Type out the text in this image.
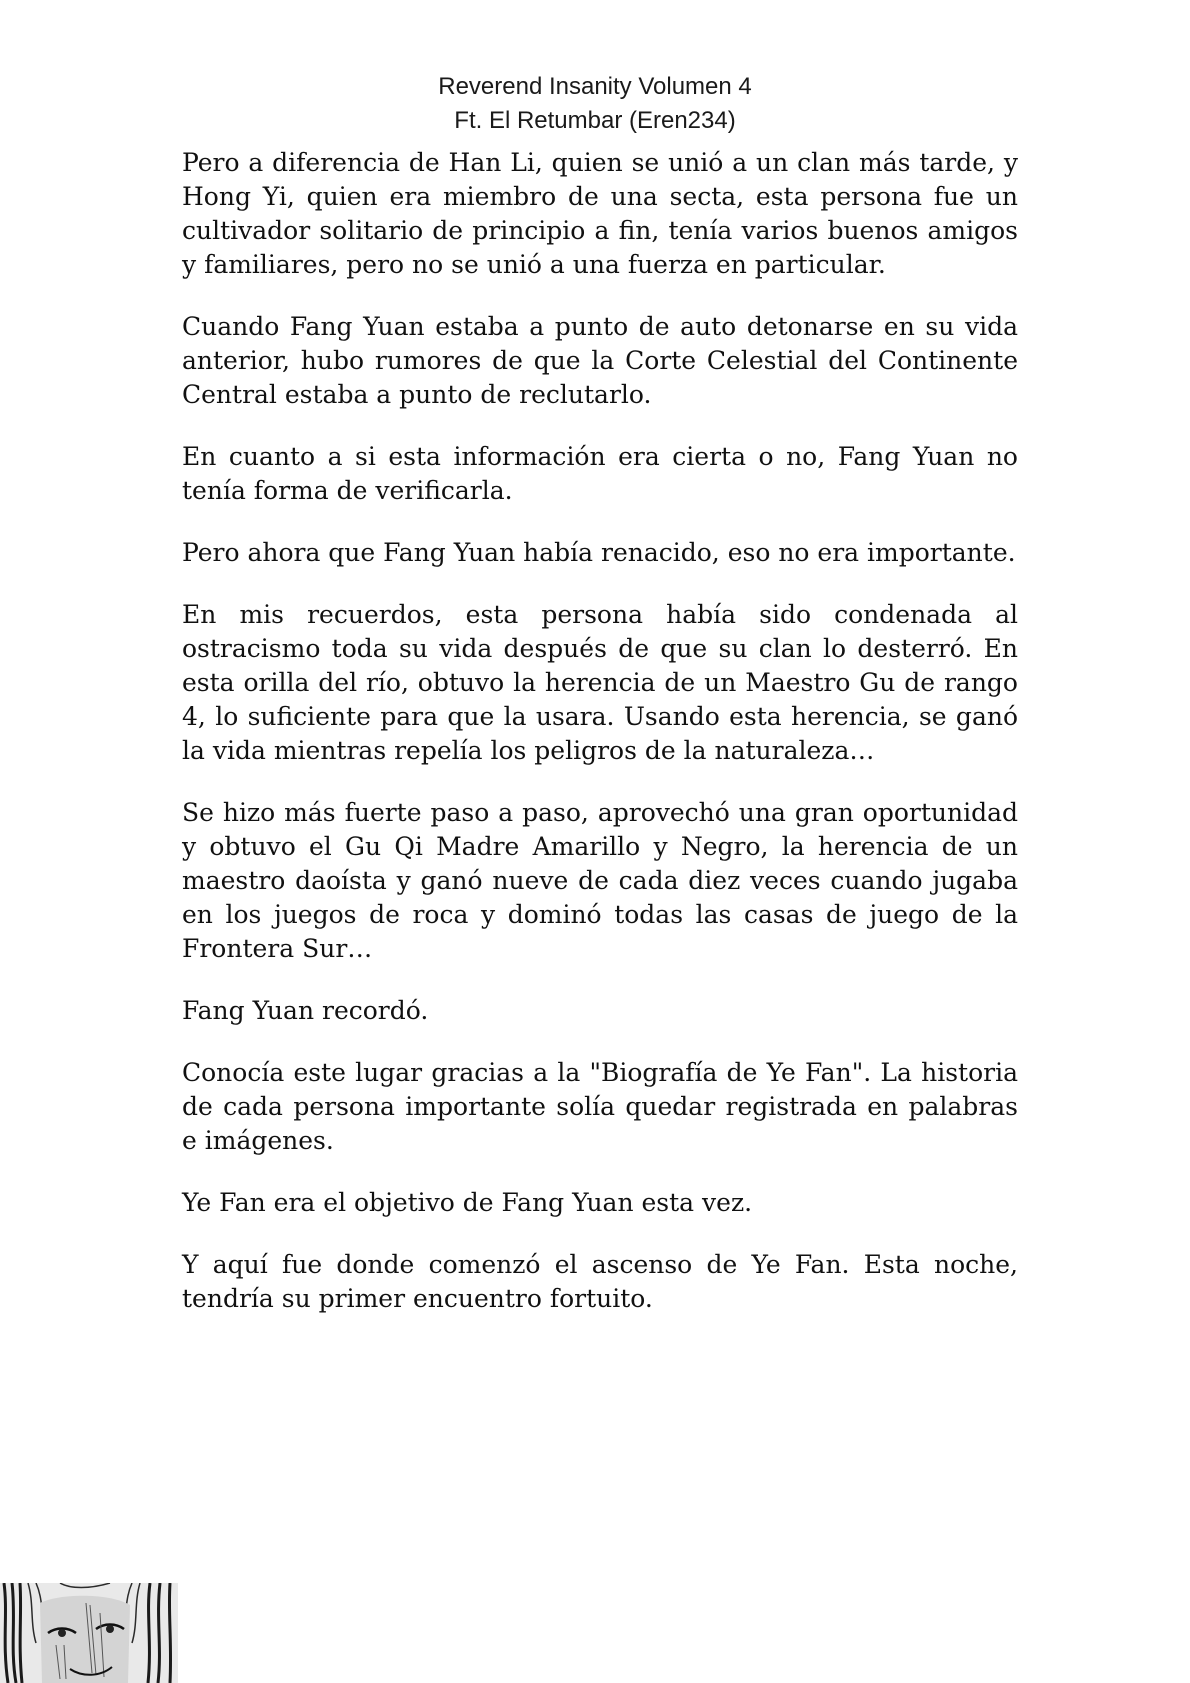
Reverend Insanity Volumen 4
Ft. El Retumbar (Eren234)

Pero a diferencia de Han Li, quien se unió a un clan más tarde, y Hong Yi, quien era miembro de una secta, esta persona fue un cultivador solitario de principio a fin, tenía varios buenos amigos y familiares, pero no se unió a una fuerza en particular.

Cuando Fang Yuan estaba a punto de auto detonarse en su vida anterior, hubo rumores de que la Corte Celestial del Continente Central estaba a punto de reclutarlo.

En cuanto a si esta información era cierta o no, Fang Yuan no tenía forma de verificarla.

Pero ahora que Fang Yuan había renacido, eso no era importante.

En mis recuerdos, esta persona había sido condenada al ostracismo toda su vida después de que su clan lo desterró. En esta orilla del río, obtuvo la herencia de un Maestro Gu de rango 4, lo suficiente para que la usara. Usando esta herencia, se ganó la vida mientras repelía los peligros de la naturaleza…

Se hizo más fuerte paso a paso, aprovechó una gran oportunidad y obtuvo el Gu Qi Madre Amarillo y Negro, la herencia de un maestro daoísta y ganó nueve de cada diez veces cuando jugaba en los juegos de roca y dominó todas las casas de juego de la Frontera Sur…

Fang Yuan recordó.

Conocía este lugar gracias a la "Biografía de Ye Fan". La historia de cada persona importante solía quedar registrada en palabras e imágenes.

Ye Fan era el objetivo de Fang Yuan esta vez.

Y aquí fue donde comenzó el ascenso de Ye Fan. Esta noche, tendría su primer encuentro fortuito.
